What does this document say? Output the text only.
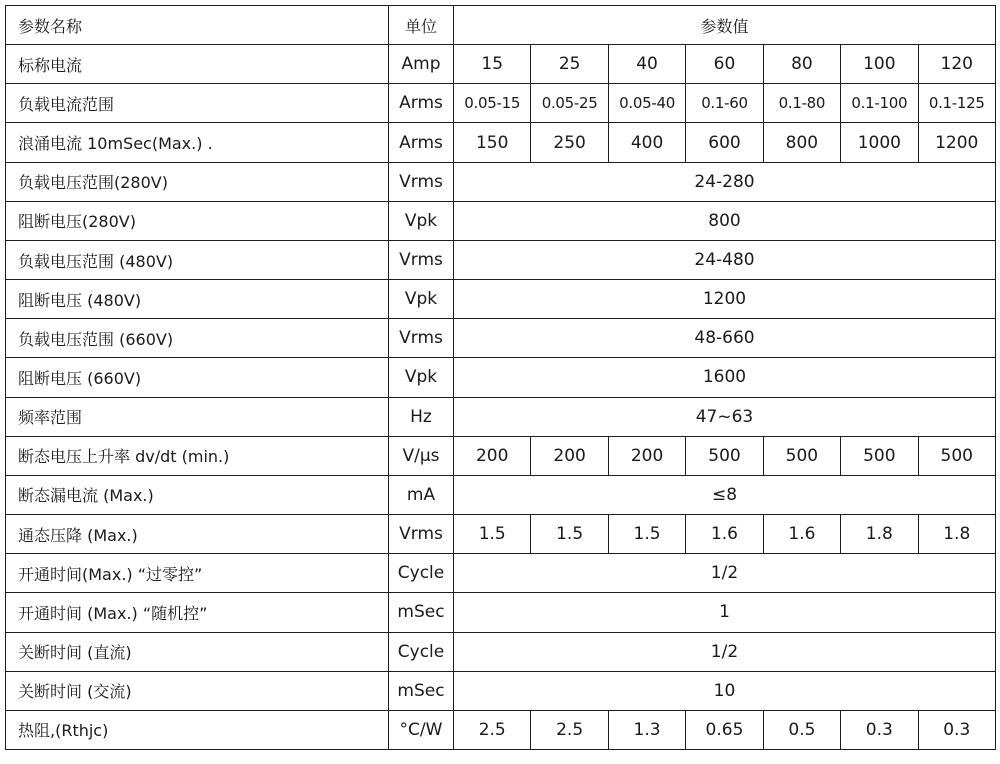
参数名称	单位	参数值						
标称电流	Amp	15	25	40	60	80	100	120
负载电流范围	Arms	0.05-15	0.05-25	0.05-40	0.1-60	0.1-80	0.1-100	0.1-125
浪涌电流 10mSec(Max.) .	Arms	150	250	400	600	800	1000	1200
负载电压范围(280V)	Vrms	24-280						
阻断电压(280V)	Vpk	800						
负载电压范围 (480V)	Vrms	24-480						
阻断电压 (480V)	Vpk	1200						
负载电压范围 (660V)	Vrms	48-660						
阻断电压 (660V)	Vpk	1600						
频率范围	Hz	47~63						
断态电压上升率 dv/dt (min.)	V/μs	200	200	200	500	500	500	500
断态漏电流 (Max.)	mA	≤8						
通态压降 (Max.)	Vrms	1.5	1.5	1.5	1.6	1.6	1.8	1.8
开通时间(Max.) “过零控”	Cycle	1/2						
开通时间 (Max.) “随机控”	mSec	1						
关断时间 (直流)	Cycle	1/2						
关断时间 (交流)	mSec	10						
热阻,(Rthjc)	°C/W	2.5	2.5	1.3	0.65	0.5	0.3	0.3
